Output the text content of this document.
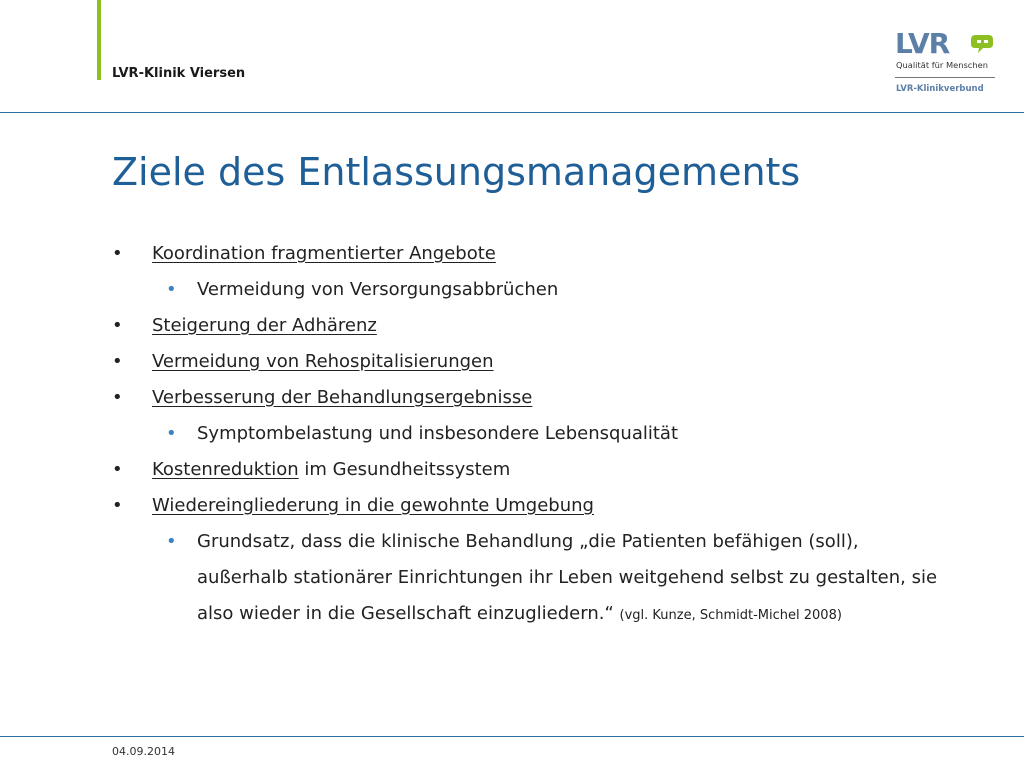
LVR-Klinik Viersen
LVR
Qualität für Menschen
LVR-Klinikverbund
Ziele des Entlassungsmanagements
•	Koordination fragmentierter Angebote
• Vermeidung von Versorgungsabbrüchen
•	Steigerung der Adhärenz
•	Vermeidung von Rehospitalisierungen
•	Verbesserung der Behandlungsergebnisse
• Symptombelastung und insbesondere Lebensqualität
•	Kostenreduktion im Gesundheitssystem
•	Wiedereingliederung in die gewohnte Umgebung
• Grundsatz, dass die klinische Behandlung „die Patienten befähigen (soll), außerhalb stationärer Einrichtungen ihr Leben weitgehend selbst zu gestalten, sie also wieder in die Gesellschaft einzugliedern.“ (vgl. Kunze, Schmidt-Michel 2008)
04.09.2014
